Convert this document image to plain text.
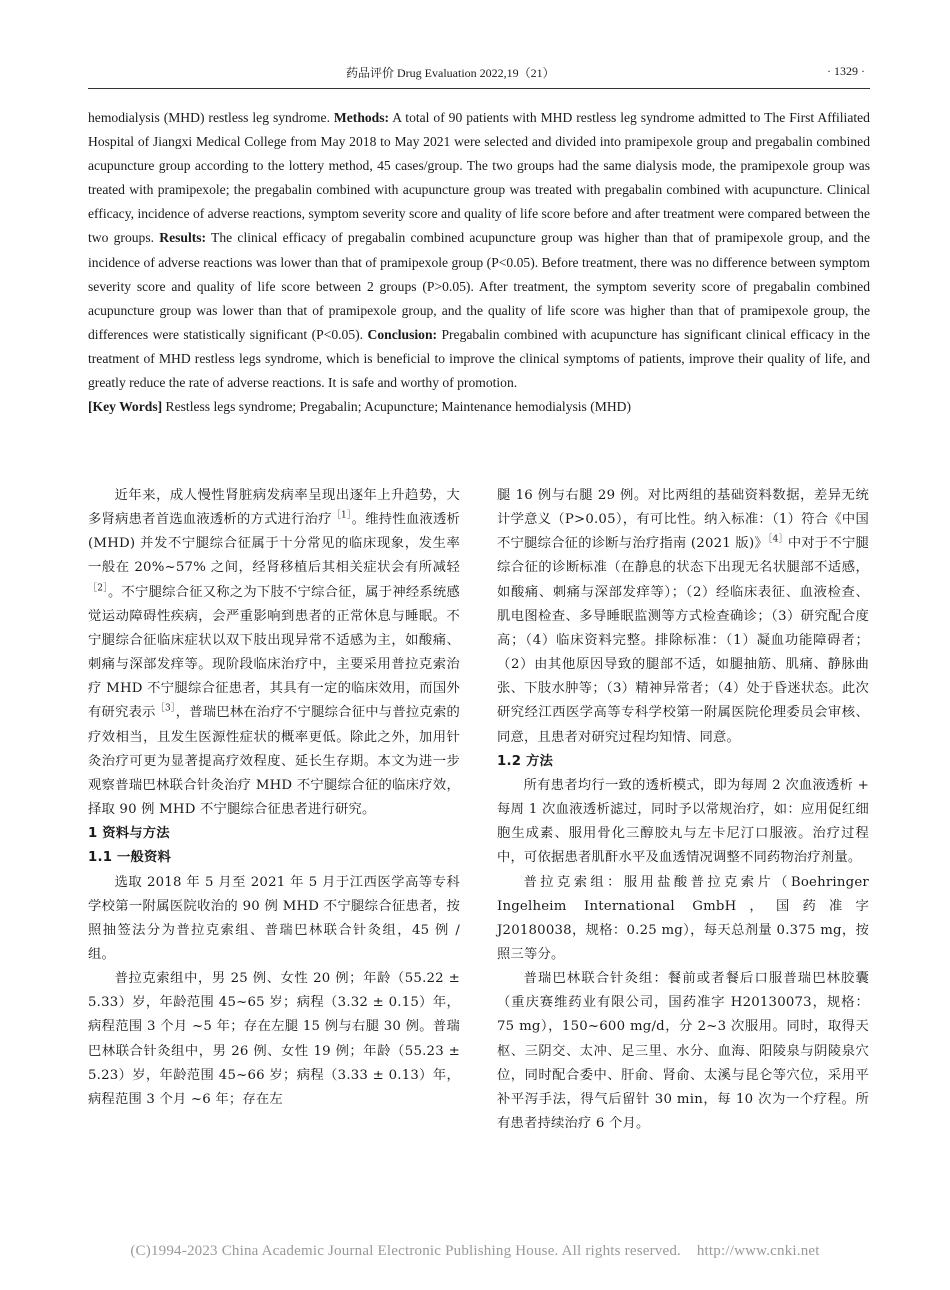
药品评价 Drug Evaluation 2022,19（21）	· 1329 ·

hemodialysis (MHD) restless leg syndrome. Methods: A total of 90 patients with MHD restless leg syndrome admitted to The First Affiliated Hospital of Jiangxi Medical College from May 2018 to May 2021 were selected and divided into pramipexole group and pregabalin combined acupuncture group according to the lottery method, 45 cases/group. The two groups had the same dialysis mode, the pramipexole group was treated with pramipexole; the pregabalin combined with acupuncture group was treated with pregabalin combined with acupuncture. Clinical efficacy, incidence of adverse reactions, symptom severity score and quality of life score before and after treatment were compared between the two groups. Results: The clinical efficacy of pregabalin combined acupuncture group was higher than that of pramipexole group, and the incidence of adverse reactions was lower than that of pramipexole group (P<0.05). Before treatment, there was no difference between symptom severity score and quality of life score between 2 groups (P>0.05). After treatment, the symptom severity score of pregabalin combined acupuncture group was lower than that of pramipexole group, and the quality of life score was higher than that of pramipexole group, the differences were statistically significant (P<0.05). Conclusion: Pregabalin combined with acupuncture has significant clinical efficacy in the treatment of MHD restless legs syndrome, which is beneficial to improve the clinical symptoms of patients, improve their quality of life, and greatly reduce the rate of adverse reactions. It is safe and worthy of promotion.

[Key Words] Restless legs syndrome; Pregabalin; Acupuncture; Maintenance hemodialysis (MHD)

近年来，成人慢性肾脏病发病率呈现出逐年上升趋势，大多肾病患者首选血液透析的方式进行治疗$^{[1]}$。维持性血液透析 (MHD) 并发不宁腿综合征属于十分常见的临床现象，发生率一般在 20%~57% 之间，经肾移植后其相关症状会有所减轻$^{[2]}$。不宁腿综合征又称之为下肢不宁综合征，属于神经系统感觉运动障碍性疾病，会严重影响到患者的正常休息与睡眠。不宁腿综合征临床症状以双下肢出现异常不适感为主，如酸痛、刺痛与深部发痒等。现阶段临床治疗中，主要采用普拉克索治疗 MHD 不宁腿综合征患者，其具有一定的临床效用，而国外有研究表示$^{[3]}$，普瑞巴林在治疗不宁腿综合征中与普拉克索的疗效相当，且发生医源性症状的概率更低。除此之外，加用针灸治疗可更为显著提高疗效程度、延长生存期。本文为进一步观察普瑞巴林联合针灸治疗 MHD 不宁腿综合征的临床疗效，择取 90 例 MHD 不宁腿综合征患者进行研究。

1 资料与方法
1.1 一般资料

选取 2018 年 5 月至 2021 年 5 月于江西医学高等专科学校第一附属医院收治的 90 例 MHD 不宁腿综合征患者，按照抽签法分为普拉克索组、普瑞巴林联合针灸组，45 例 / 组。

普拉克索组中，男 25 例、女性 20 例；年龄（55.22 ± 5.33）岁，年龄范围 45~65 岁；病程（3.32 ± 0.15）年，病程范围 3 个月 ~5 年；存在左腿 15 例与右腿 30 例。普瑞巴林联合针灸组中，男 26 例、女性 19 例；年龄（55.23 ± 5.23）岁，年龄范围 45~66 岁；病程（3.33 ± 0.13）年，病程范围 3 个月 ~6 年；存在左

腿 16 例与右腿 29 例。对比两组的基础资料数据，差异无统计学意义（P>0.05），有可比性。纳入标准：（1）符合《中国不宁腿综合征的诊断与治疗指南 (2021 版)》$^{[4]}$中对于不宁腿综合征的诊断标准（在静息的状态下出现无名状腿部不适感，如酸痛、刺痛与深部发痒等）；（2）经临床表征、血液检查、肌电图检查、多导睡眠监测等方式检查确诊；（3）研究配合度高；（4）临床资料完整。排除标准：（1）凝血功能障碍者；（2）由其他原因导致的腿部不适，如腿抽筋、肌痛、静脉曲张、下肢水肿等；（3）精神异常者；（4）处于昏迷状态。此次研究经江西医学高等专科学校第一附属医院伦理委员会审核、同意，且患者对研究过程均知情、同意。

1.2 方法

所有患者均行一致的透析模式，即为每周 2 次血液透析 + 每周 1 次血液透析滤过，同时予以常规治疗，如：应用促红细胞生成素、服用骨化三醇胶丸与左卡尼汀口服液。治疗过程中，可依据患者肌酐水平及血透情况调整不同药物治疗剂量。

普拉克索组：服用盐酸普拉克索片（Boehringer Ingelheim International GmbH，国药准字 J20180038，规格：0.25 mg），每天总剂量 0.375 mg，按照三等分。

普瑞巴林联合针灸组：餐前或者餐后口服普瑞巴林胶囊（重庆赛维药业有限公司，国药准字 H20130073，规格：75 mg），150~600 mg/d，分 2~3 次服用。同时，取得天枢、三阴交、太冲、足三里、水分、血海、阳陵泉与阴陵泉穴位，同时配合委中、肝俞、肾俞、太溪与昆仑等穴位，采用平补平泻手法，得气后留针 30 min，每 10 次为一个疗程。所有患者持续治疗 6 个月。

(C)1994-2023 China Academic Journal Electronic Publishing House. All rights reserved. http://www.cnki.net
